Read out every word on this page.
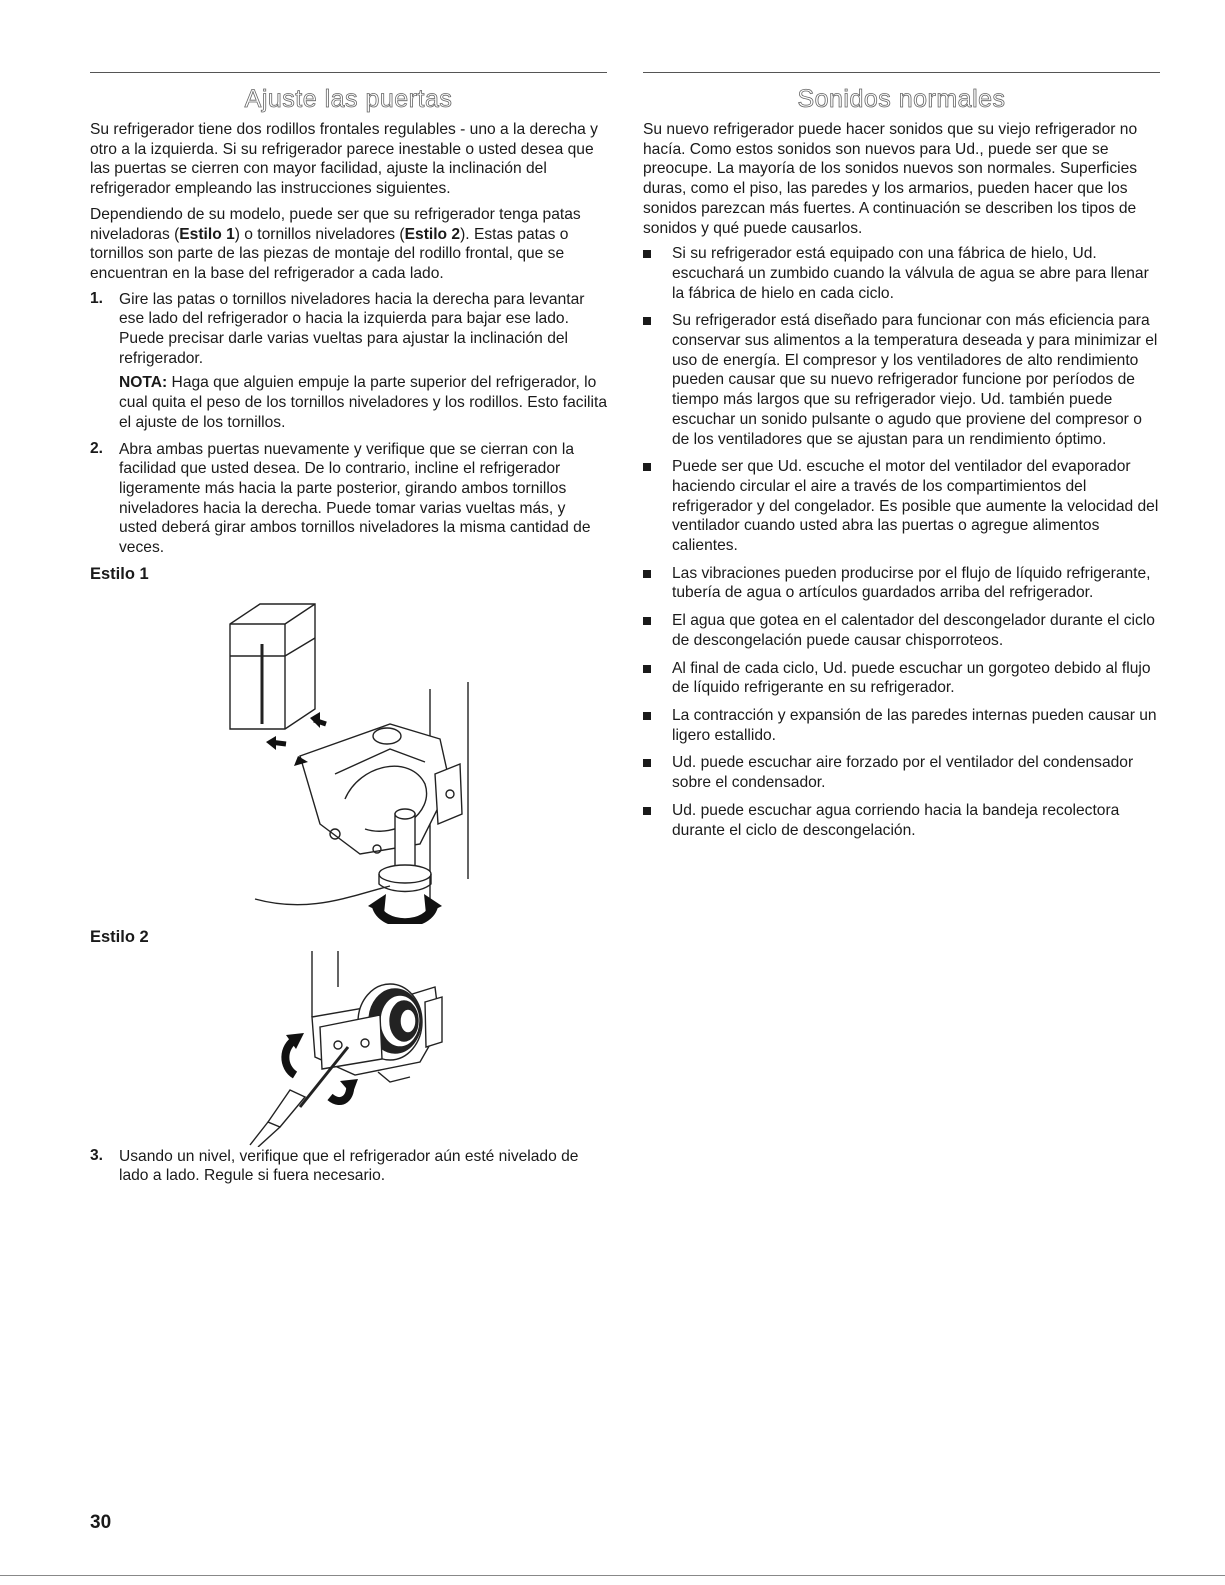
Ajuste las puertas

Su refrigerador tiene dos rodillos frontales regulables - uno a la derecha y otro a la izquierda. Si su refrigerador parece inestable o usted desea que las puertas se cierren con mayor facilidad, ajuste la inclinación del refrigerador empleando las instrucciones siguientes.

Dependiendo de su modelo, puede ser que su refrigerador tenga patas niveladoras (Estilo 1) o tornillos niveladores (Estilo 2). Estas patas o tornillos son parte de las piezas de montaje del rodillo frontal, que se encuentran en la base del refrigerador a cada lado.

1. Gire las patas o tornillos niveladores hacia la derecha para levantar ese lado del refrigerador o hacia la izquierda para bajar ese lado. Puede precisar darle varias vueltas para ajustar la inclinación del refrigerador.

NOTA: Haga que alguien empuje la parte superior del refrigerador, lo cual quita el peso de los tornillos niveladores y los rodillos. Esto facilita el ajuste de los tornillos.

2. Abra ambas puertas nuevamente y verifique que se cierran con la facilidad que usted desea. De lo contrario, incline el refrigerador ligeramente más hacia la parte posterior, girando ambos tornillos niveladores hacia la derecha. Puede tomar varias vueltas más, y usted deberá girar ambos tornillos niveladores la misma cantidad de veces.

Estilo 1
Estilo 2
3. Usando un nivel, verifique que el refrigerador aún esté nivelado de lado a lado. Regule si fuera necesario.

Sonidos normales

Su nuevo refrigerador puede hacer sonidos que su viejo refrigerador no hacía. Como estos sonidos son nuevos para Ud., puede ser que se preocupe. La mayoría de los sonidos nuevos son normales. Superficies duras, como el piso, las paredes y los armarios, pueden hacer que los sonidos parezcan más fuertes. A continuación se describen los tipos de sonidos y qué puede causarlos.

Si su refrigerador está equipado con una fábrica de hielo, Ud. escuchará un zumbido cuando la válvula de agua se abre para llenar la fábrica de hielo en cada ciclo.
Su refrigerador está diseñado para funcionar con más eficiencia para conservar sus alimentos a la temperatura deseada y para minimizar el uso de energía. El compresor y los ventiladores de alto rendimiento pueden causar que su nuevo refrigerador funcione por períodos de tiempo más largos que su refrigerador viejo. Ud. también puede escuchar un sonido pulsante o agudo que proviene del compresor o de los ventiladores que se ajustan para un rendimiento óptimo.
Puede ser que Ud. escuche el motor del ventilador del evaporador haciendo circular el aire a través de los compartimientos del refrigerador y del congelador. Es posible que aumente la velocidad del ventilador cuando usted abra las puertas o agregue alimentos calientes.
Las vibraciones pueden producirse por el flujo de líquido refrigerante, tubería de agua o artículos guardados arriba del refrigerador.
El agua que gotea en el calentador del descongelador durante el ciclo de descongelación puede causar chisporroteos.
Al final de cada ciclo, Ud. puede escuchar un gorgoteo debido al flujo de líquido refrigerante en su refrigerador.
La contracción y expansión de las paredes internas pueden causar un ligero estallido.
Ud. puede escuchar aire forzado por el ventilador del condensador sobre el condensador.
Ud. puede escuchar agua corriendo hacia la bandeja recolectora durante el ciclo de descongelación.
30
